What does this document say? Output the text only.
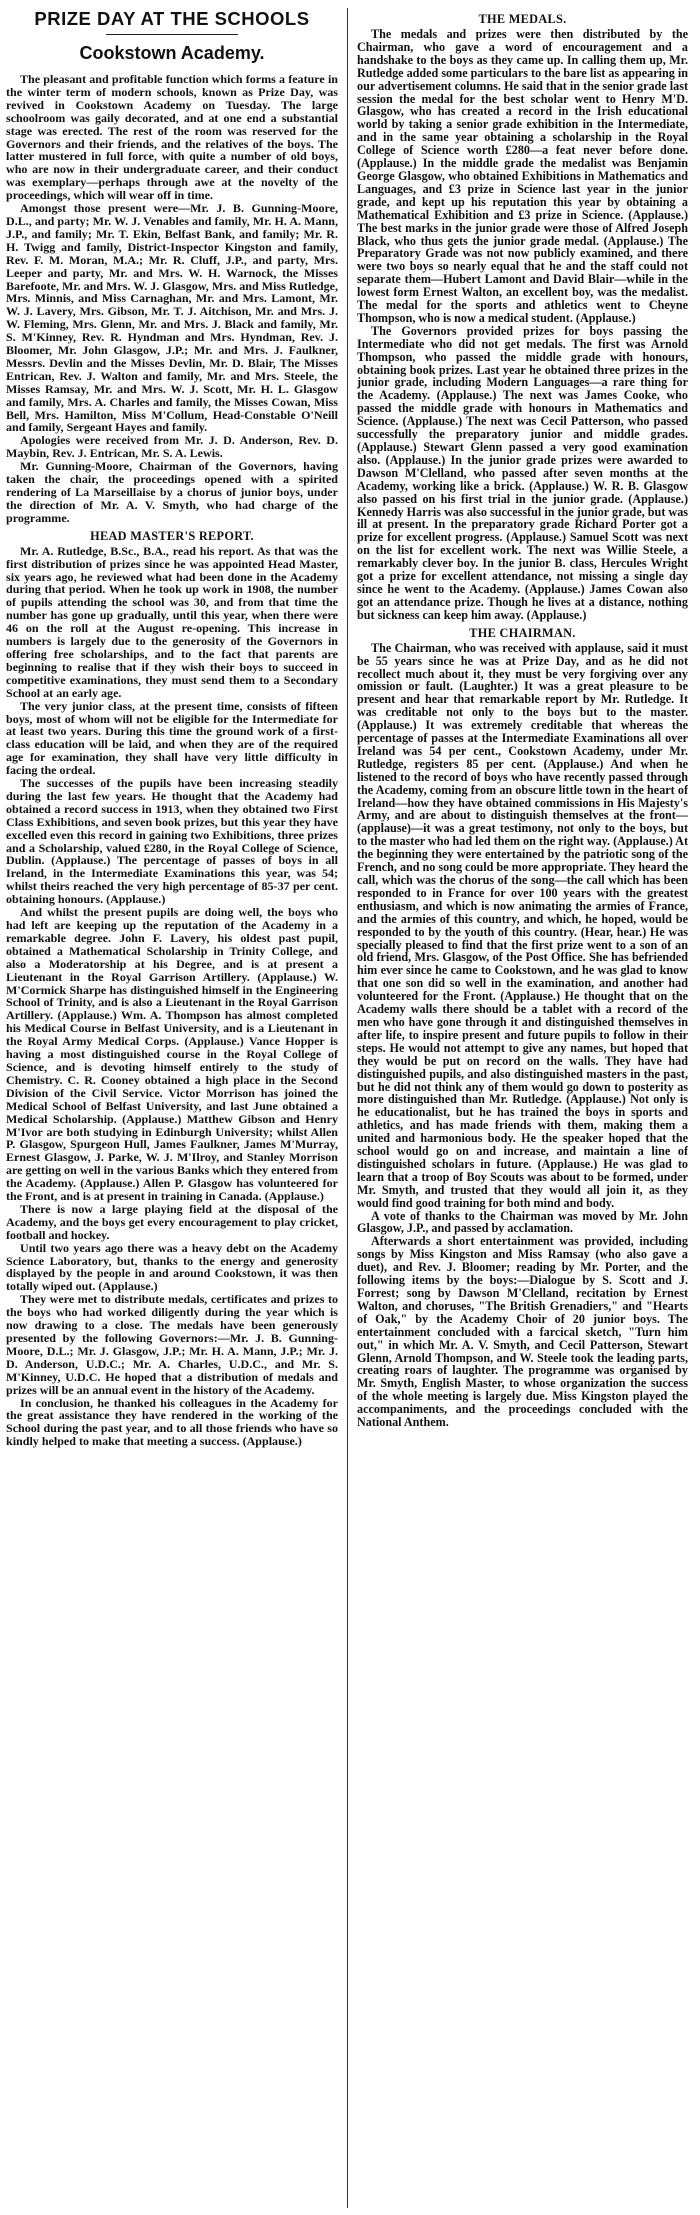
PRIZE DAY AT THE SCHOOLS
Cookstown Academy.

The pleasant and profitable function which forms a feature in the winter term of modern schools, known as Prize Day, was revived in Cookstown Academy on Tuesday. The large schoolroom was gaily decorated, and at one end a substantial stage was erected. The rest of the room was reserved for the Governors and their friends, and the relatives of the boys. The latter mustered in full force, with quite a number of old boys, who are now in their undergraduate career, and their conduct was exemplary—perhaps through awe at the novelty of the proceedings, which will wear off in time.

Amongst those present were—Mr. J. B. Gunning-Moore, D.L., and party; Mr. W. J. Venables and family, Mr. H. A. Mann, J.P., and family; Mr. T. Ekin, Belfast Bank, and family; Mr. R. H. Twigg and family, District-Inspector Kingston and family, Rev. F. M. Moran, M.A.; Mr. R. Cluff, J.P., and party, Mrs. Leeper and party, Mr. and Mrs. W. H. Warnock, the Misses Barefoote, Mr. and Mrs. W. J. Glasgow, Mrs. and Miss Rutledge, Mrs. Minnis, and Miss Carnaghan, Mr. and Mrs. Lamont, Mr. W. J. Lavery, Mrs. Gibson, Mr. T. J. Aitchison, Mr. and Mrs. J. W. Fleming, Mrs. Glenn, Mr. and Mrs. J. Black and family, Mr. S. M'Kinney, Rev. R. Hyndman and Mrs. Hyndman, Rev. J. Bloomer, Mr. John Glasgow, J.P.; Mr. and Mrs. J. Faulkner, Messrs. Devlin and the Misses Devlin, Mr. D. Blair, The Misses Entrican, Rev. J. Walton and family, Mr. and Mrs. Steele, the Misses Ramsay, Mr. and Mrs. W. J. Scott, Mr. H. L. Glasgow and family, Mrs. A. Charles and family, the Misses Cowan, Miss Bell, Mrs. Hamilton, Miss M'Collum, Head-Constable O'Neill and family, Sergeant Hayes and family.

Apologies were received from Mr. J. D. Anderson, Rev. D. Maybin, Rev. J. Entrican, Mr. S. A. Lewis.

Mr. Gunning-Moore, Chairman of the Governors, having taken the chair, the proceedings opened with a spirited rendering of La Marseillaise by a chorus of junior boys, under the direction of Mr. A. V. Smyth, who had charge of the programme.

HEAD MASTER'S REPORT.

Mr. A. Rutledge, B.Sc., B.A., read his report. As that was the first distribution of prizes since he was appointed Head Master, six years ago, he reviewed what had been done in the Academy during that period. When he took up work in 1908, the number of pupils attending the school was 30, and from that time the number has gone up gradually, until this year, when there were 46 on the roll at the August re-opening. This increase in numbers is largely due to the generosity of the Governors in offering free scholarships, and to the fact that parents are beginning to realise that if they wish their boys to succeed in competitive examinations, they must send them to a Secondary School at an early age.

The very junior class, at the present time, consists of fifteen boys, most of whom will not be eligible for the Intermediate for at least two years. During this time the ground work of a first-class education will be laid, and when they are of the required age for examination, they shall have very little difficulty in facing the ordeal.

The successes of the pupils have been increasing steadily during the last few years. He thought that the Academy had obtained a record success in 1913, when they obtained two First Class Exhibitions, and seven book prizes, but this year they have excelled even this record in gaining two Exhibitions, three prizes and a Scholarship, valued £280, in the Royal College of Science, Dublin. (Applause.) The percentage of passes of boys in all Ireland, in the Intermediate Examinations this year, was 54; whilst theirs reached the very high percentage of 85-37 per cent. obtaining honours. (Applause.)

And whilst the present pupils are doing well, the boys who had left are keeping up the reputation of the Academy in a remarkable degree. John F. Lavery, his oldest past pupil, obtained a Mathematical Scholarship in Trinity College, and also a Moderatorship at his Degree, and is at present a Lieutenant in the Royal Garrison Artillery. (Applause.) W. M'Cormick Sharpe has distinguished himself in the Engineering School of Trinity, and is also a Lieutenant in the Royal Garrison Artillery. (Applause.) Wm. A. Thompson has almost completed his Medical Course in Belfast University, and is a Lieutenant in the Royal Army Medical Corps. (Applause.) Vance Hopper is having a most distinguished course in the Royal College of Science, and is devoting himself entirely to the study of Chemistry. C. R. Cooney obtained a high place in the Second Division of the Civil Service. Victor Morrison has joined the Medical School of Belfast University, and last June obtained a Medical Scholarship. (Applause.) Matthew Gibson and Henry M'Ivor are both studying in Edinburgh University; whilst Allen P. Glasgow, Spurgeon Hull, James Faulkner, James M'Murray, Ernest Glasgow, J. Parke, W. J. M'Ilroy, and Stanley Morrison are getting on well in the various Banks which they entered from the Academy. (Applause.) Allen P. Glasgow has volunteered for the Front, and is at present in training in Canada. (Applause.)

There is now a large playing field at the disposal of the Academy, and the boys get every encouragement to play cricket, football and hockey.

Until two years ago there was a heavy debt on the Academy Science Laboratory, but, thanks to the energy and generosity displayed by the people in and around Cookstown, it was then totally wiped out. (Applause.)

They were met to distribute medals, certificates and prizes to the boys who had worked diligently during the year which is now drawing to a close. The medals have been generously presented by the following Governors:—Mr. J. B. Gunning-Moore, D.L.; Mr. J. Glasgow, J.P.; Mr. H. A. Mann, J.P.; Mr. J. D. Anderson, U.D.C.; Mr. A. Charles, U.D.C., and Mr. S. M'Kinney, U.D.C. He hoped that a distribution of medals and prizes will be an annual event in the history of the Academy.

In conclusion, he thanked his colleagues in the Academy for the great assistance they have rendered in the working of the School during the past year, and to all those friends who have so kindly helped to make that meeting a success. (Applause.)

THE MEDALS.

The medals and prizes were then distributed by the Chairman, who gave a word of encouragement and a handshake to the boys as they came up. In calling them up, Mr. Rutledge added some particulars to the bare list as appearing in our advertisement columns. He said that in the senior grade last session the medal for the best scholar went to Henry M'D. Glasgow, who has created a record in the Irish educational world by taking a senior grade exhibition in the Intermediate, and in the same year obtaining a scholarship in the Royal College of Science worth £280—a feat never before done. (Applause.) In the middle grade the medalist was Benjamin George Glasgow, who obtained Exhibitions in Mathematics and Languages, and £3 prize in Science last year in the junior grade, and kept up his reputation this year by obtaining a Mathematical Exhibition and £3 prize in Science. (Applause.) The best marks in the junior grade were those of Alfred Joseph Black, who thus gets the junior grade medal. (Applause.) The Preparatory Grade was not now publicly examined, and there were two boys so nearly equal that he and the staff could not separate them—Hubert Lamont and David Blair—while in the lowest form Ernest Walton, an excellent boy, was the medalist. The medal for the sports and athletics went to Cheyne Thompson, who is now a medical student. (Applause.)

The Governors provided prizes for boys passing the Intermediate who did not get medals. The first was Arnold Thompson, who passed the middle grade with honours, obtaining book prizes. Last year he obtained three prizes in the junior grade, including Modern Languages—a rare thing for the Academy. (Applause.) The next was James Cooke, who passed the middle grade with honours in Mathematics and Science. (Applause.) The next was Cecil Patterson, who passed successfully the preparatory junior and middle grades. (Applause.) Stewart Glenn passed a very good examination also. (Applause.) In the junior grade prizes were awarded to Dawson M'Clelland, who passed after seven months at the Academy, working like a brick. (Applause.) W. R. B. Glasgow also passed on his first trial in the junior grade. (Applause.) Kennedy Harris was also successful in the junior grade, but was ill at present. In the preparatory grade Richard Porter got a prize for excellent progress. (Applause.) Samuel Scott was next on the list for excellent work. The next was Willie Steele, a remarkably clever boy. In the junior B. class, Hercules Wright got a prize for excellent attendance, not missing a single day since he went to the Academy. (Applause.) James Cowan also got an attendance prize. Though he lives at a distance, nothing but sickness can keep him away. (Applause.)

THE CHAIRMAN.

The Chairman, who was received with applause, said it must be 55 years since he was at Prize Day, and as he did not recollect much about it, they must be very forgiving over any omission or fault. (Laughter.) It was a great pleasure to be present and hear that remarkable report by Mr. Rutledge. It was creditable not only to the boys but to the master. (Applause.) It was extremely creditable that whereas the percentage of passes at the Intermediate Examinations all over Ireland was 54 per cent., Cookstown Academy, under Mr. Rutledge, registers 85 per cent. (Applause.) And when he listened to the record of boys who have recently passed through the Academy, coming from an obscure little town in the heart of Ireland—how they have obtained commissions in His Majesty's Army, and are about to distinguish themselves at the front—(applause)—it was a great testimony, not only to the boys, but to the master who had led them on the right way. (Applause.) At the beginning they were entertained by the patriotic song of the French, and no song could be more appropriate. They heard the call, which was the chorus of the song—the call which has been responded to in France for over 100 years with the greatest enthusiasm, and which is now animating the armies of France, and the armies of this country, and which, he hoped, would be responded to by the youth of this country. (Hear, hear.) He was specially pleased to find that the first prize went to a son of an old friend, Mrs. Glasgow, of the Post Office. She has befriended him ever since he came to Cookstown, and he was glad to know that one son did so well in the examination, and another had volunteered for the Front. (Applause.) He thought that on the Academy walls there should be a tablet with a record of the men who have gone through it and distinguished themselves in after life, to inspire present and future pupils to follow in their steps. He would not attempt to give any names, but hoped that they would be put on record on the walls. They have had distinguished pupils, and also distinguished masters in the past, but he did not think any of them would go down to posterity as more distinguished than Mr. Rutledge. (Applause.) Not only is he educationalist, but he has trained the boys in sports and athletics, and has made friends with them, making them a united and harmonious body. He the speaker hoped that the school would go on and increase, and maintain a line of distinguished scholars in future. (Applause.) He was glad to learn that a troop of Boy Scouts was about to be formed, under Mr. Smyth, and trusted that they would all join it, as they would find good training for both mind and body.

A vote of thanks to the Chairman was moved by Mr. John Glasgow, J.P., and passed by acclamation.

Afterwards a short entertainment was provided, including songs by Miss Kingston and Miss Ramsay (who also gave a duet), and Rev. J. Bloomer; reading by Mr. Porter, and the following items by the boys:—Dialogue by S. Scott and J. Forrest; song by Dawson M'Clelland, recitation by Ernest Walton, and choruses, "The British Grenadiers," and "Hearts of Oak," by the Academy Choir of 20 junior boys. The entertainment concluded with a farcical sketch, "Turn him out," in which Mr. A. V. Smyth, and Cecil Patterson, Stewart Glenn, Arnold Thompson, and W. Steele took the leading parts, creating roars of laughter. The programme was organised by Mr. Smyth, English Master, to whose organization the success of the whole meeting is largely due. Miss Kingston played the accompaniments, and the proceedings concluded with the National Anthem.
